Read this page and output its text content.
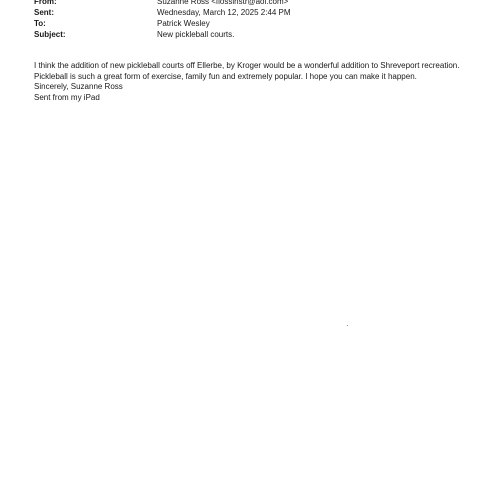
From:	Suzanne Ross <flossinstr@aol.com>
Sent:	Wednesday, March 12, 2025 2:44 PM
To:	Patrick Wesley
Subject:	New pickleball courts.

I think the addition of new pickleball courts off Ellerbe, by Kroger would be a wonderful addition to Shreveport recreation. Pickleball is such a great form of exercise, family fun and extremely popular. I hope you can make it happen.

Sincerely, Suzanne Ross

Sent from my iPad
